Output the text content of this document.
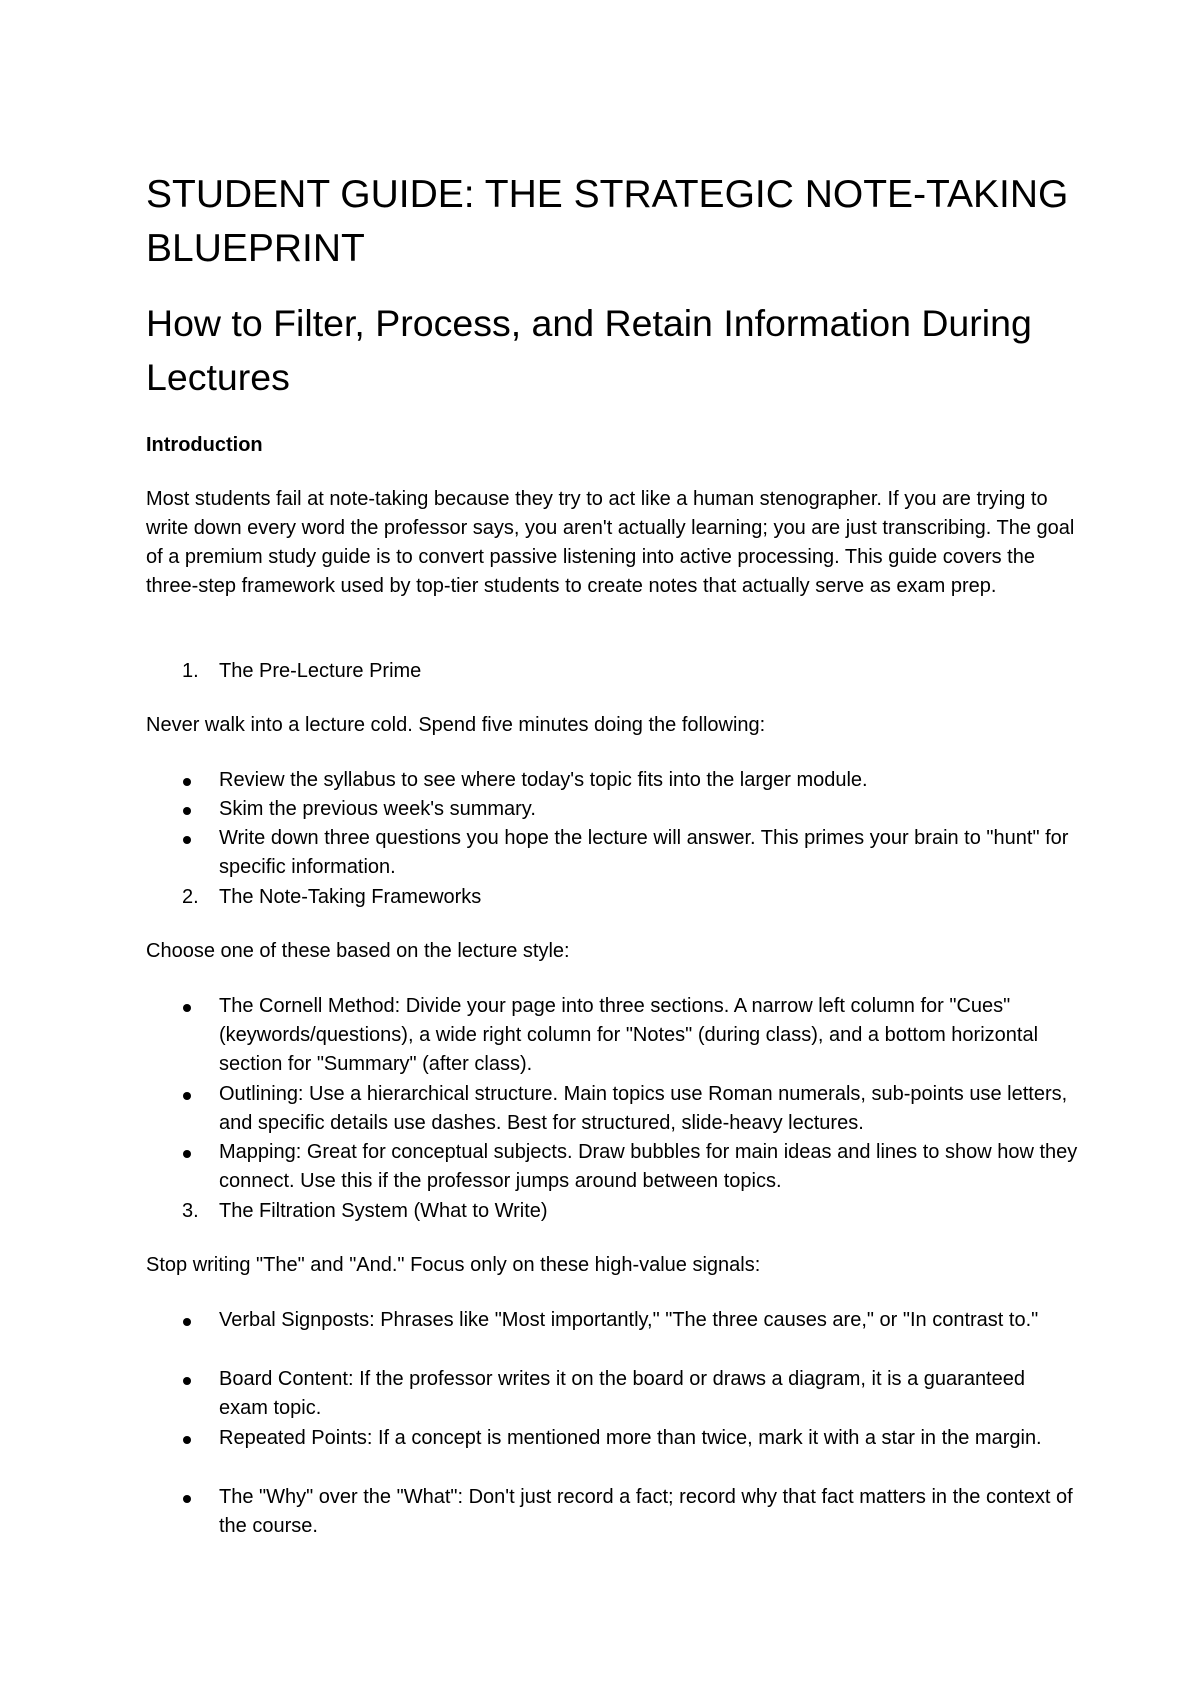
STUDENT GUIDE: THE STRATEGIC NOTE-TAKING BLUEPRINT
How to Filter, Process, and Retain Information During Lectures
Introduction

Most students fail at note-taking because they try to act like a human stenographer. If you are trying to write down every word the professor says, you aren't actually learning; you are just transcribing. The goal of a premium study guide is to convert passive listening into active processing. This guide covers the three-step framework used by top-tier students to create notes that actually serve as exam prep.

1. The Pre-Lecture Prime

Never walk into a lecture cold. Spend five minutes doing the following:

Review the syllabus to see where today's topic fits into the larger module.
Skim the previous week's summary.
Write down three questions you hope the lecture will answer. This primes your brain to "hunt" for specific information.
2. The Note-Taking Frameworks

Choose one of these based on the lecture style:

The Cornell Method: Divide your page into three sections. A narrow left column for "Cues" (keywords/questions), a wide right column for "Notes" (during class), and a bottom horizontal section for "Summary" (after class).
Outlining: Use a hierarchical structure. Main topics use Roman numerals, sub-points use letters, and specific details use dashes. Best for structured, slide-heavy lectures.
Mapping: Great for conceptual subjects. Draw bubbles for main ideas and lines to show how they connect. Use this if the professor jumps around between topics.
3. The Filtration System (What to Write)

Stop writing "The" and "And." Focus only on these high-value signals:

Verbal Signposts: Phrases like "Most importantly," "The three causes are," or "In contrast to."
Board Content: If the professor writes it on the board or draws a diagram, it is a guaranteed exam topic.
Repeated Points: If a concept is mentioned more than twice, mark it with a star in the margin.
The "Why" over the "What": Don't just record a fact; record why that fact matters in the context of the course.
